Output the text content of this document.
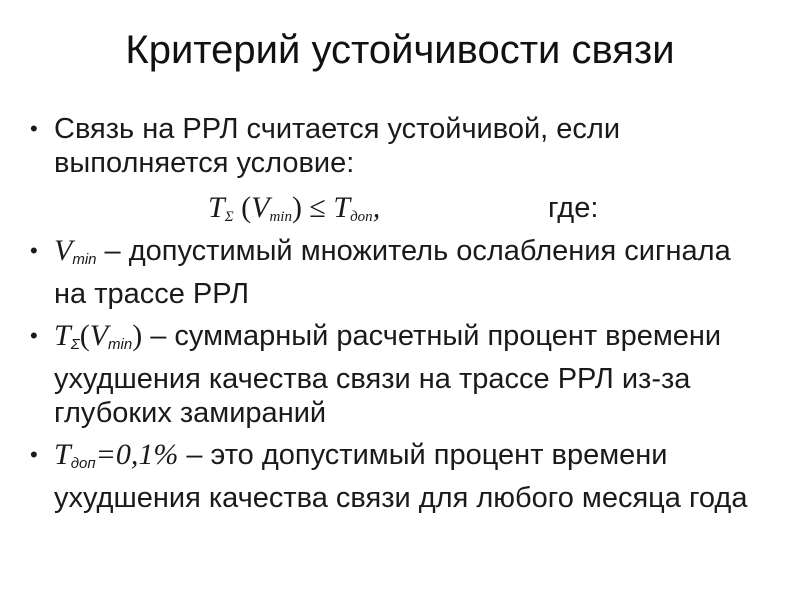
Критерий устойчивости связи
• Связь на РРЛ считается устойчивой, если выполняется условие:
$T_\Sigma$ $(V_{min}) \le T_{доп}$,	где:
• $V_{min}$ – допустимый множитель ослабления сигнала на трассе РРЛ
• $T_\Sigma(V_{min})$ – суммарный расчетный процент времени ухудшения качества связи на трассе РРЛ из-за глубоких замираний
• $T_{доп}=0,1\%$ – это допустимый процент времени ухудшения качества связи для любого месяца года
